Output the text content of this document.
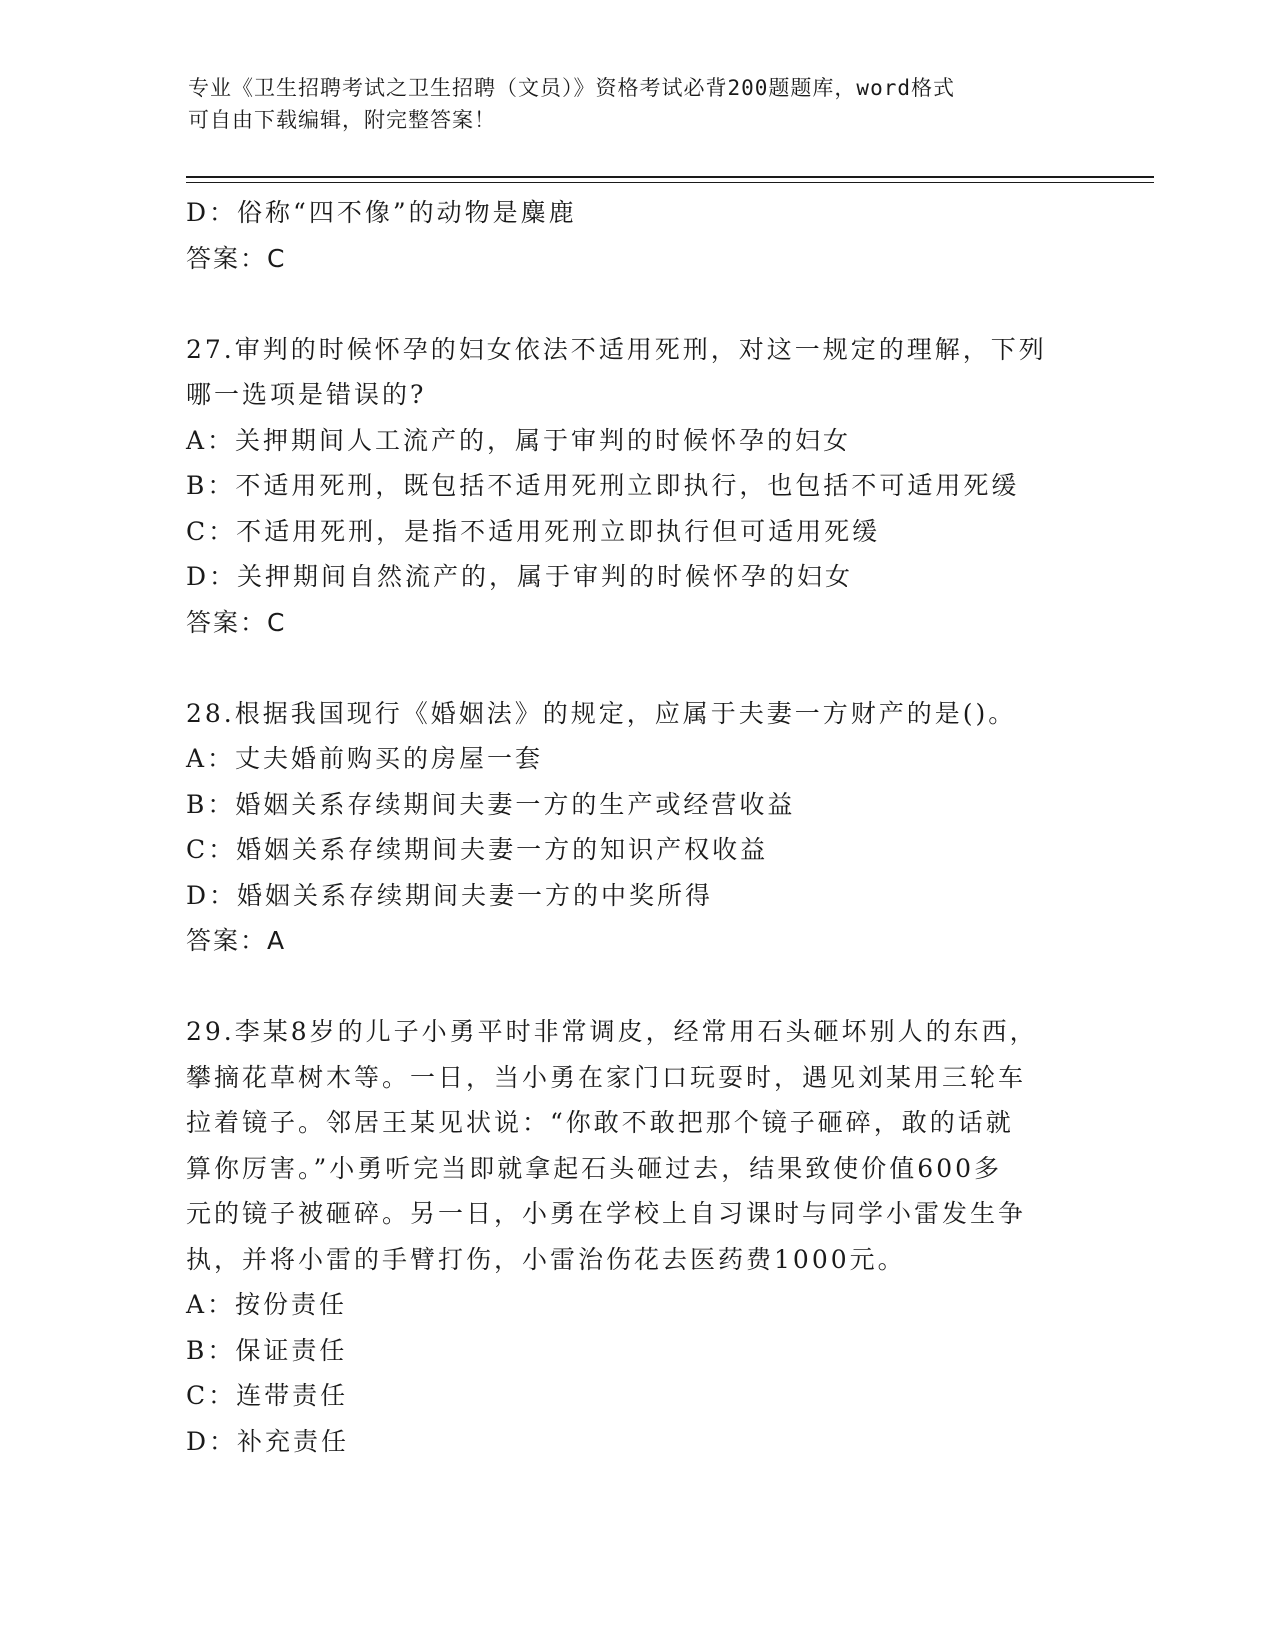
专业《卫生招聘考试之卫生招聘（文员）》资格考试必背200题题库，word格式
可自由下载编辑，附完整答案！
D：俗称“四不像”的动物是麋鹿
答案：C
27.审判的时候怀孕的妇女依法不适用死刑，对这一规定的理解，下列
哪一选项是错误的?
A：关押期间人工流产的，属于审判的时候怀孕的妇女
B：不适用死刑，既包括不适用死刑立即执行，也包括不可适用死缓
C：不适用死刑，是指不适用死刑立即执行但可适用死缓
D：关押期间自然流产的，属于审判的时候怀孕的妇女
答案：C
28.根据我国现行《婚姻法》的规定，应属于夫妻一方财产的是()。
A：丈夫婚前购买的房屋一套
B：婚姻关系存续期间夫妻一方的生产或经营收益
C：婚姻关系存续期间夫妻一方的知识产权收益
D：婚姻关系存续期间夫妻一方的中奖所得
答案：A
29.李某8岁的儿子小勇平时非常调皮，经常用石头砸坏别人的东西，
攀摘花草树木等。一日，当小勇在家门口玩耍时，遇见刘某用三轮车
拉着镜子。邻居王某见状说：“你敢不敢把那个镜子砸碎，敢的话就
算你厉害。”小勇听完当即就拿起石头砸过去，结果致使价值600多
元的镜子被砸碎。另一日，小勇在学校上自习课时与同学小雷发生争
执，并将小雷的手臂打伤，小雷治伤花去医药费1000元。
A：按份责任
B：保证责任
C：连带责任
D：补充责任
